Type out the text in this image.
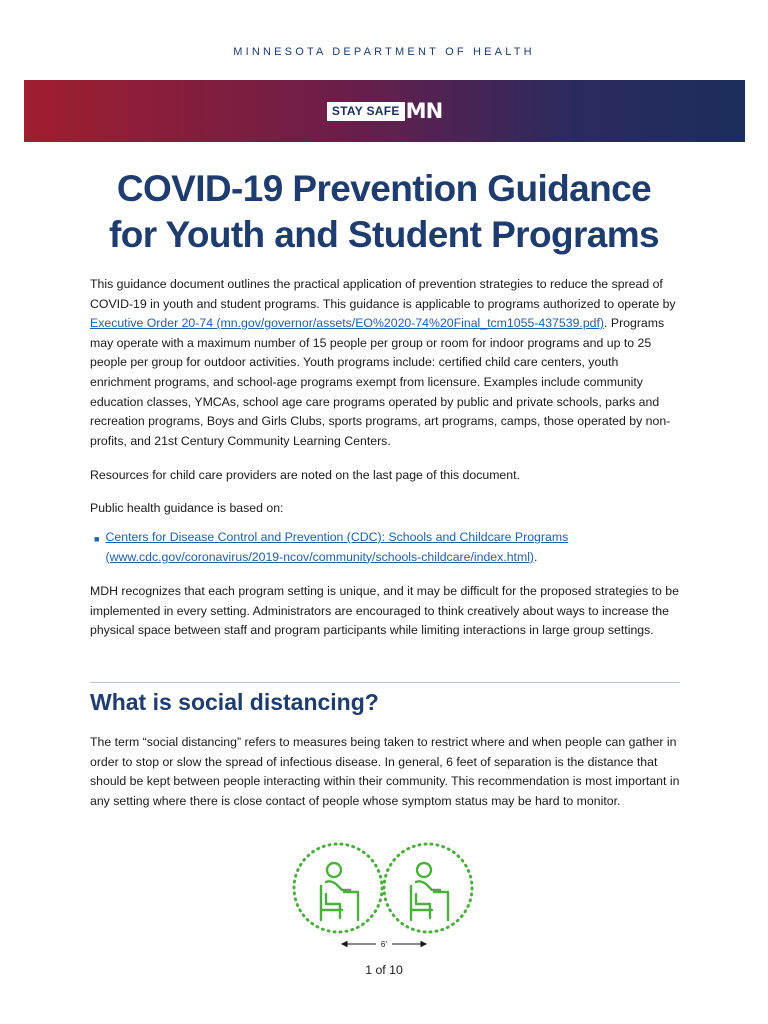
MINNESOTA DEPARTMENT OF HEALTH
STAY SAFE MN
COVID-19 Prevention Guidance
for Youth and Student Programs
This guidance document outlines the practical application of prevention strategies to reduce the spread of COVID-19 in youth and student programs. This guidance is applicable to programs authorized to operate by Executive Order 20-74 (mn.gov/governor/assets/EO%2020-74%20Final_tcm1055-437539.pdf). Programs may operate with a maximum number of 15 people per group or room for indoor programs and up to 25 people per group for outdoor activities. Youth programs include: certified child care centers, youth enrichment programs, and school-age programs exempt from licensure. Examples include community education classes, YMCAs, school age care programs operated by public and private schools, parks and recreation programs, Boys and Girls Clubs, sports programs, art programs, camps, those operated by non-profits, and 21st Century Community Learning Centers.
Resources for child care providers are noted on the last page of this document.
Public health guidance is based on:
■ Centers for Disease Control and Prevention (CDC): Schools and Childcare Programs (www.cdc.gov/coronavirus/2019-ncov/community/schools-childcare/index.html).
MDH recognizes that each program setting is unique, and it may be difficult for the proposed strategies to be implemented in every setting. Administrators are encouraged to think creatively about ways to increase the physical space between staff and program participants while limiting interactions in large group settings.
What is social distancing?
The term “social distancing” refers to measures being taken to restrict where and when people can gather in order to stop or slow the spread of infectious disease. In general, 6 feet of separation is the distance that should be kept between people interacting within their community. This recommendation is most important in any setting where there is close contact of people whose symptom status may be hard to monitor.
6’
1 of 10
